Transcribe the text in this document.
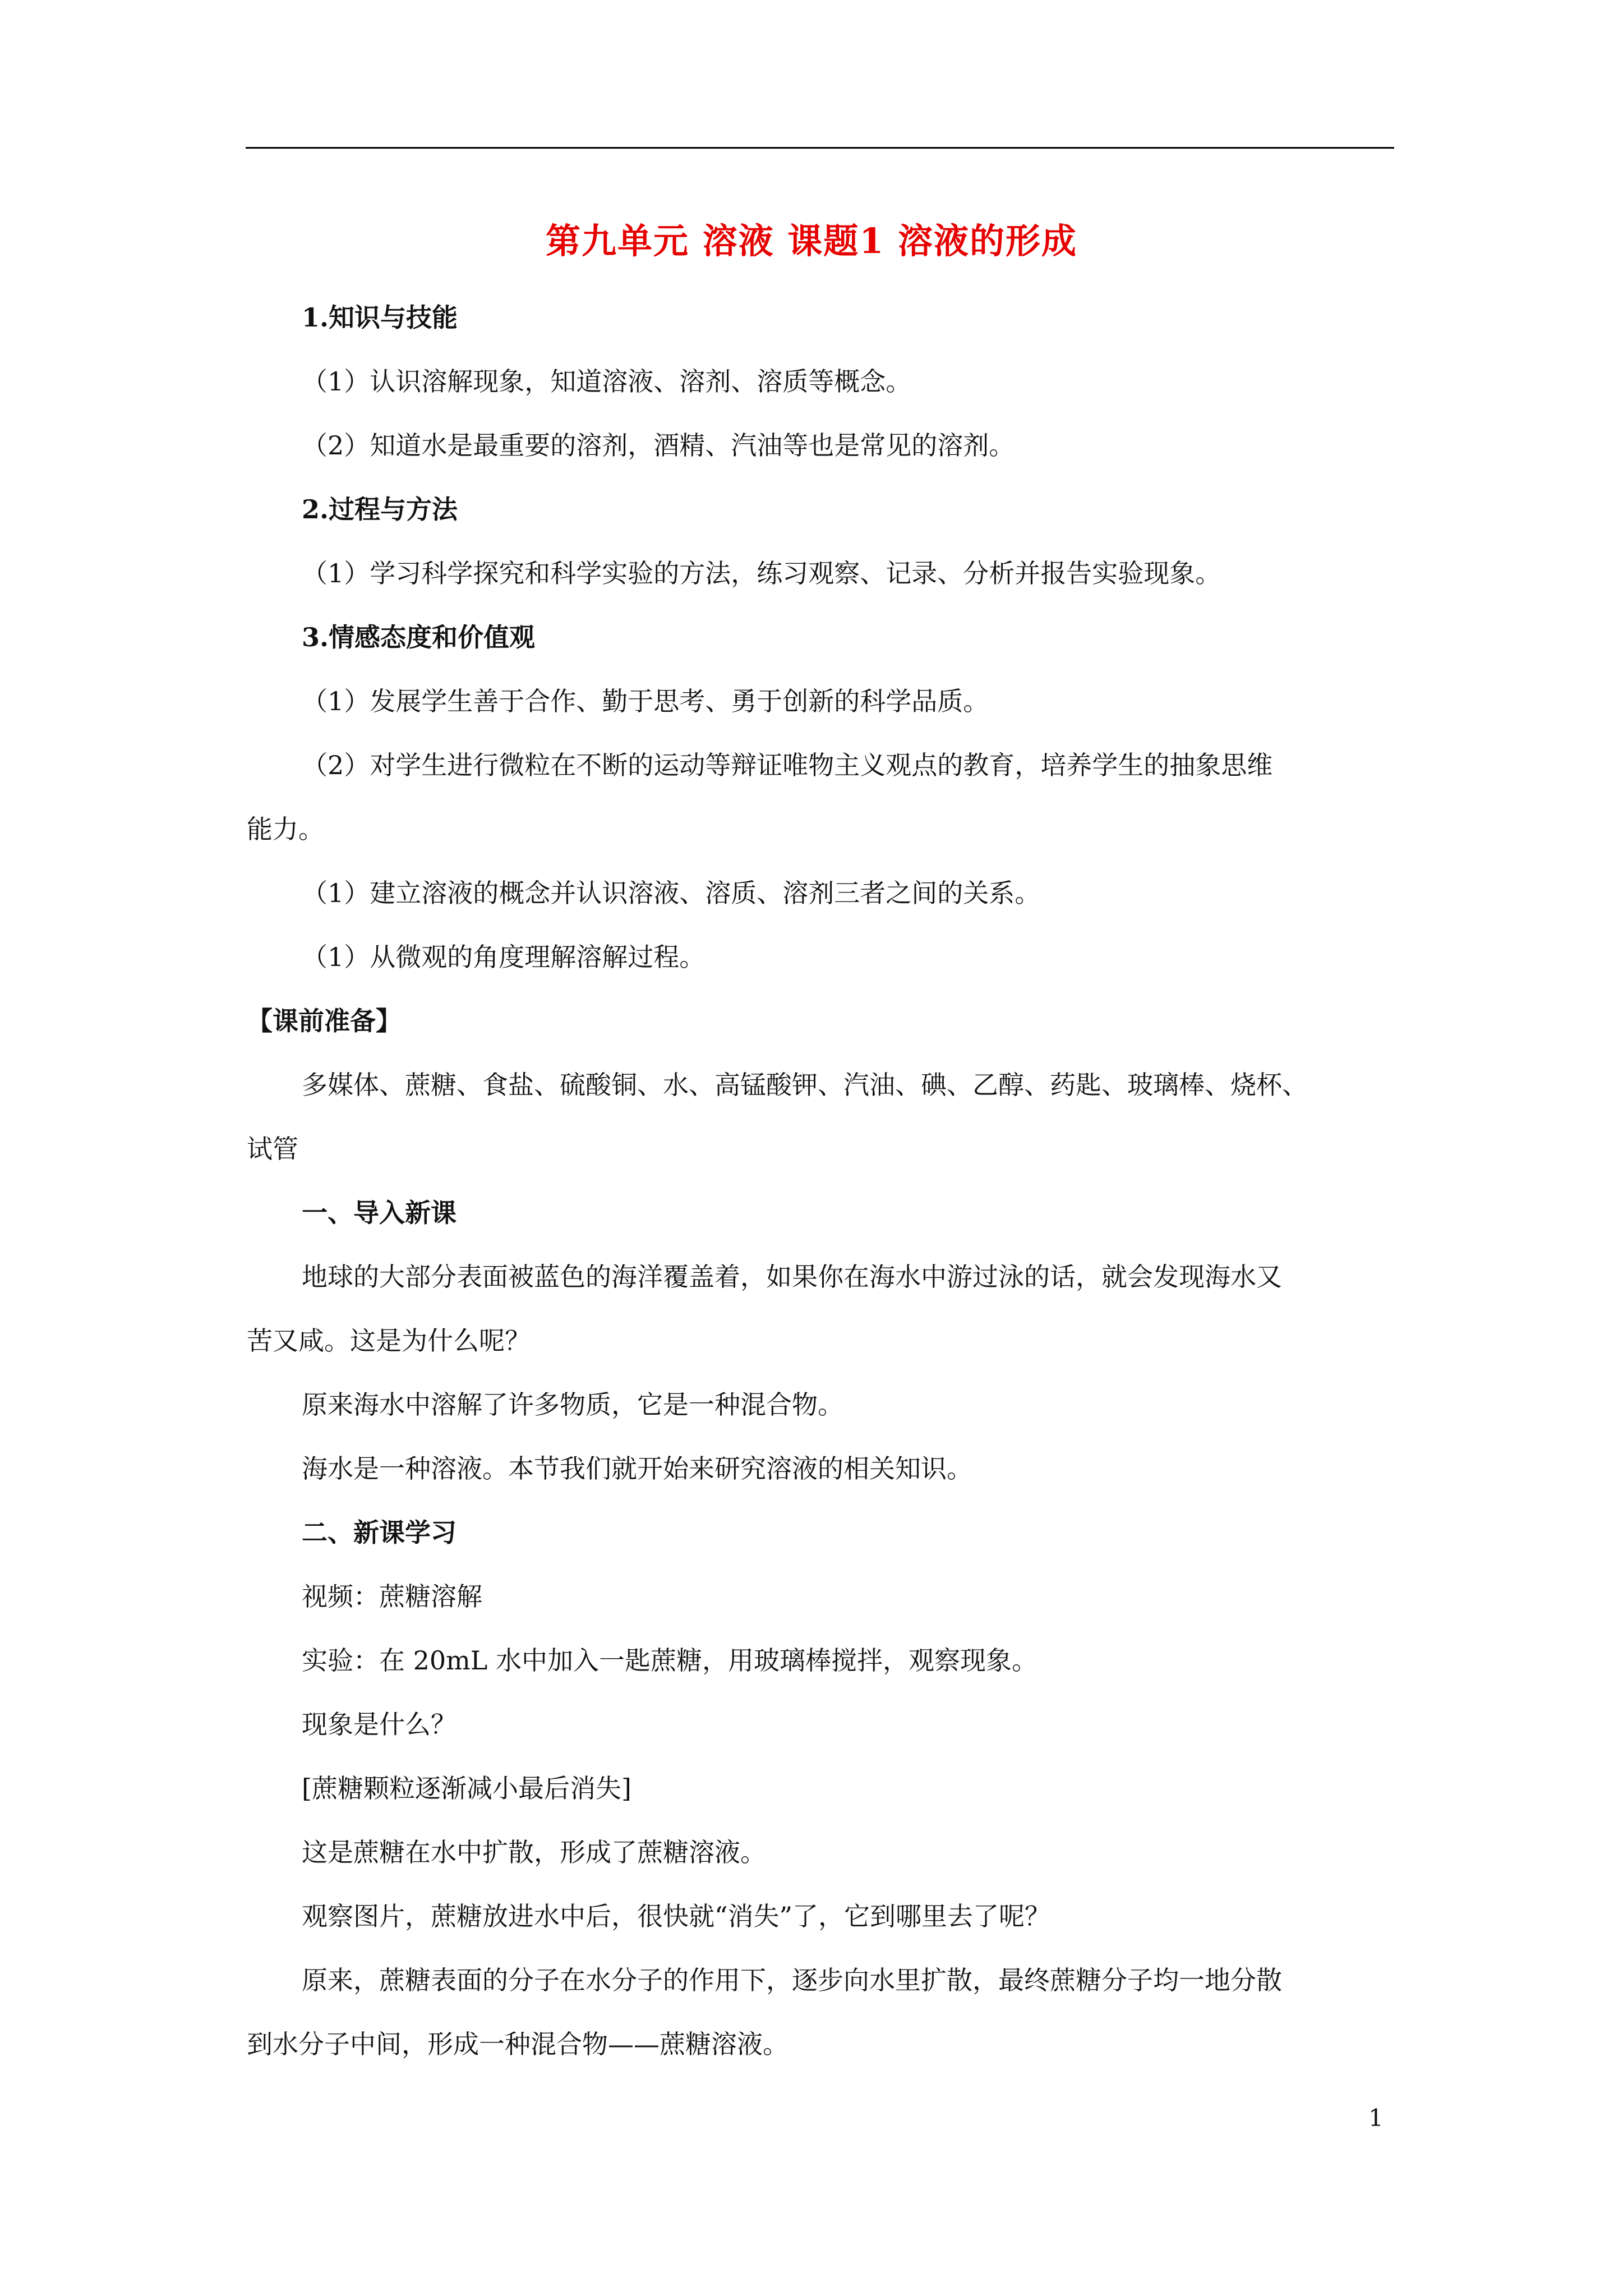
第九单元 溶液 课题1 溶液的形成
1.知识与技能
（1）认识溶解现象，知道溶液、溶剂、溶质等概念。
（2）知道水是最重要的溶剂，酒精、汽油等也是常见的溶剂。
2.过程与方法
（1）学习科学探究和科学实验的方法，练习观察、记录、分析并报告实验现象。
3.情感态度和价值观
（1）发展学生善于合作、勤于思考、勇于创新的科学品质。
（2）对学生进行微粒在不断的运动等辩证唯物主义观点的教育，培养学生的抽象思维
能力。
（1）建立溶液的概念并认识溶液、溶质、溶剂三者之间的关系。
（1）从微观的角度理解溶解过程。
【课前准备】
多媒体、蔗糖、食盐、硫酸铜、水、高锰酸钾、汽油、碘、乙醇、药匙、玻璃棒、烧杯、
试管
一、导入新课
地球的大部分表面被蓝色的海洋覆盖着，如果你在海水中游过泳的话，就会发现海水又
苦又咸。这是为什么呢？
原来海水中溶解了许多物质，它是一种混合物。
海水是一种溶液。本节我们就开始来研究溶液的相关知识。
二、新课学习
视频：蔗糖溶解
实验：在 20mL 水中加入一匙蔗糖，用玻璃棒搅拌，观察现象。
现象是什么？
[蔗糖颗粒逐渐减小最后消失]
这是蔗糖在水中扩散，形成了蔗糖溶液。
观察图片，蔗糖放进水中后，很快就“消失”了，它到哪里去了呢？
原来，蔗糖表面的分子在水分子的作用下，逐步向水里扩散，最终蔗糖分子均一地分散
到水分子中间，形成一种混合物——蔗糖溶液。
1
